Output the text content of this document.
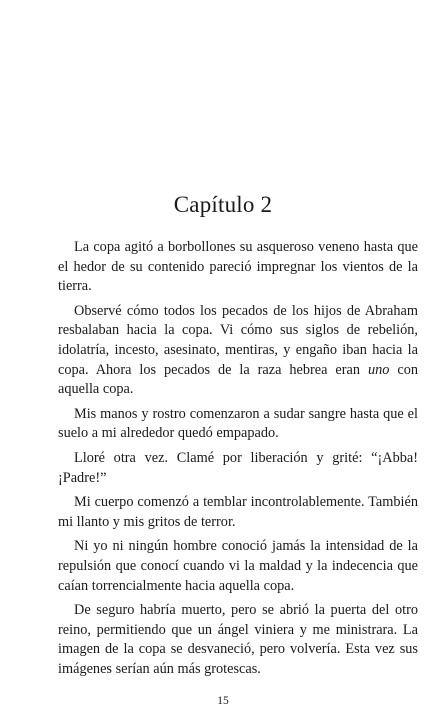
Capítulo 2

La copa agitó a borbollones su asqueroso veneno hasta que el hedor de su contenido pareció impregnar los vientos de la tierra.

Observé cómo todos los pecados de los hijos de Abraham resbalaban hacia la copa. Vi cómo sus siglos de rebelión, idolatría, incesto, asesinato, mentiras, y engaño iban hacia la copa. Ahora los pecados de la raza hebrea eran uno con aquella copa.

Mis manos y rostro comenzaron a sudar sangre hasta que el suelo a mi alrededor quedó empapado.

Lloré otra vez. Clamé por liberación y grité: “¡Abba! ¡Padre!”

Mi cuerpo comenzó a temblar incontrolablemente. También mi llanto y mis gritos de terror.

Ni yo ni ningún hombre conoció jamás la intensidad de la repulsión que conocí cuando vi la maldad y la indecencia que caían torrencialmente hacia aquella copa.

De seguro habría muerto, pero se abrió la puerta del otro reino, permitiendo que un ángel viniera y me ministrara. La imagen de la copa se desvaneció, pero volvería. Esta vez sus imágenes serían aún más grotescas.

15
